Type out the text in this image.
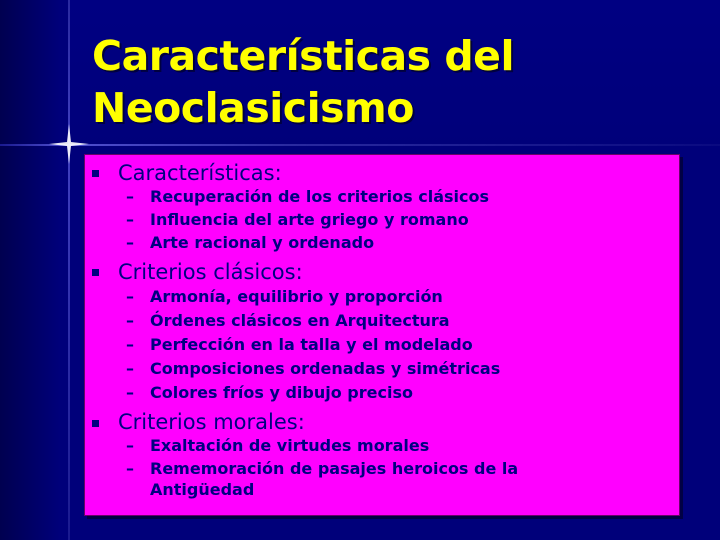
Características del
Neoclasicismo
Características:
– Recuperación de los criterios clásicos
– Influencia del arte griego y romano
– Arte racional y ordenado
Criterios clásicos:
– Armonía, equilibrio y proporción
– Órdenes clásicos en Arquitectura
– Perfección en la talla y el modelado
– Composiciones ordenadas y simétricas
– Colores fríos y dibujo preciso
Criterios morales:
– Exaltación de virtudes morales
– Rememoración de pasajes heroicos de la
Antigüedad
